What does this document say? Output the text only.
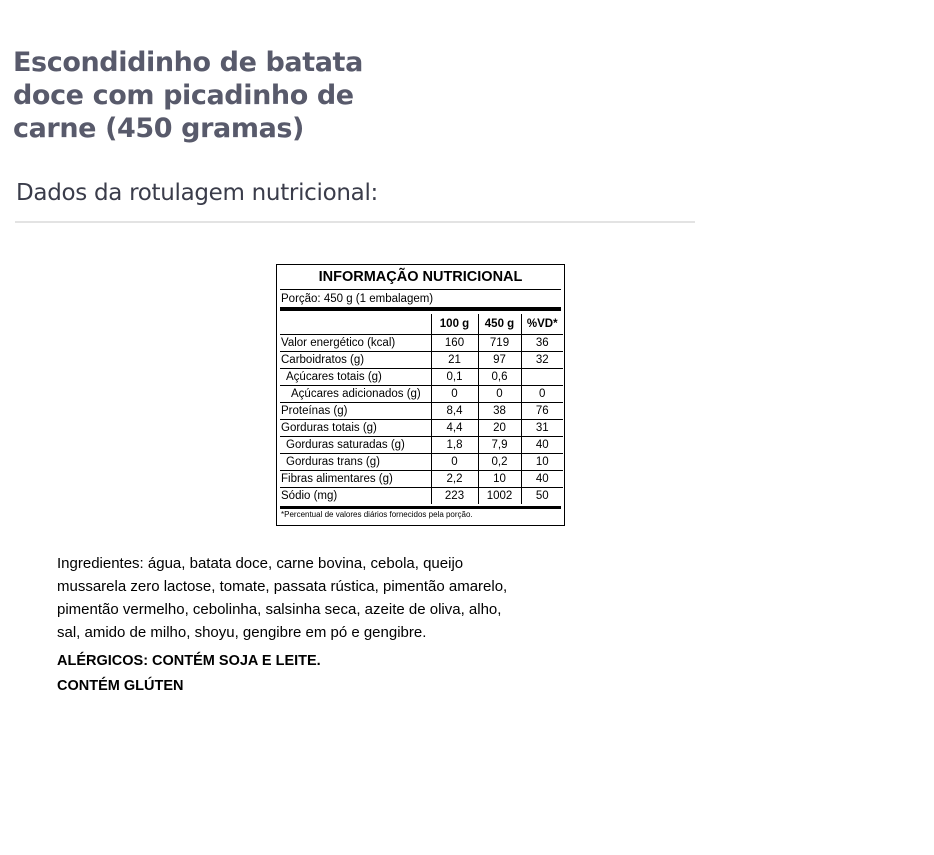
Escondidinho de batata doce com picadinho de carne (450 gramas)
Dados da rotulagem nutricional:
INFORMAÇÃO NUTRICIONAL
Porção: 450 g (1 embalagem)
	100 g	450 g	%VD*
Valor energético (kcal)	160	719	36
Carboidratos (g)	21	97	32
Açúcares totais (g)	0,1	0,6	
Açúcares adicionados (g)	0	0	0
Proteínas (g)	8,4	38	76
Gorduras totais (g)	4,4	20	31
Gorduras saturadas (g)	1,8	7,9	40
Gorduras trans (g)	0	0,2	10
Fibras alimentares (g)	2,2	10	40
Sódio (mg)	223	1002	50
*Percentual de valores diários fornecidos pela porção.

Ingredientes: água, batata doce, carne bovina, cebola, queijo mussarela zero lactose, tomate, passata rústica, pimentão amarelo, pimentão vermelho, cebolinha, salsinha seca, azeite de oliva, alho, sal, amido de milho, shoyu, gengibre em pó e gengibre.

ALÉRGICOS: CONTÉM SOJA E LEITE.

CONTÉM GLÚTEN
